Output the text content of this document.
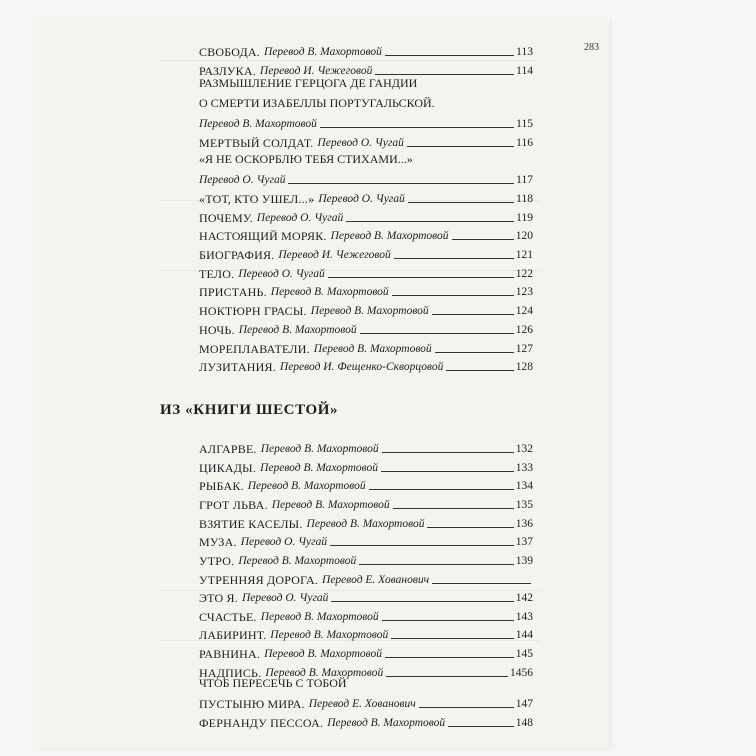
283
СВОБОДА. Перевод В. Махортовой	113
РАЗЛУКА. Перевод И. Чежеговой	114
РАЗМЫШЛЕНИЕ ГЕРЦОГА ДЕ ГАНДИИ
О СМЕРТИ ИЗАБЕЛЛЫ ПОРТУГАЛЬСКОЙ.
Перевод В. Махортовой	115
МЕРТВЫЙ СОЛДАТ. Перевод О. Чугай	116
«Я НЕ ОСКОРБЛЮ ТЕБЯ СТИХАМИ...»
Перевод О. Чугай	117
«ТОТ, КТО УШЕЛ...» Перевод О. Чугай	118
ПОЧЕМУ. Перевод О. Чугай	119
НАСТОЯЩИЙ МОРЯК. Перевод В. Махортовой	120
БИОГРАФИЯ. Перевод И. Чежеговой	121
ТЕЛО. Перевод О. Чугай	122
ПРИСТАНЬ. Перевод В. Махортовой	123
НОКТЮРН ГРАСЫ. Перевод В. Махортовой	124
НОЧЬ. Перевод В. Махортовой	126
МОРЕПЛАВАТЕЛИ. Перевод В. Махортовой	127
ЛУЗИТАНИЯ. Перевод И. Фещенко-Скворцовой	128
ИЗ «КНИГИ ШЕСТОЙ»
АЛГАРВЕ. Перевод В. Махортовой	132
ЦИКАДЫ. Перевод В. Махортовой	133
РЫБАК. Перевод В. Махортовой	134
ГРОТ ЛЬВА. Перевод В. Махортовой	135
ВЗЯТИЕ КАСЕЛЫ. Перевод В. Махортовой	136
МУЗА. Перевод О. Чугай	137
УТРО. Перевод В. Махортовой	139
УТРЕННЯЯ ДОРОГА. Перевод Е. Хованович
ЭТО Я. Перевод О. Чугай	142
СЧАСТЬЕ. Перевод В. Махортовой	143
ЛАБИРИНТ. Перевод В. Махортовой	144
РАВНИНА. Перевод В. Махортовой	145
НАДПИСЬ. Перевод В. Махортовой	1456
ЧТОБ ПЕРЕСЕЧЬ С ТОБОЙ
ПУСТЫНЮ МИРА. Перевод Е. Хованович	147
ФЕРНАНДУ ПЕССОА. Перевод В. Махортовой	148
